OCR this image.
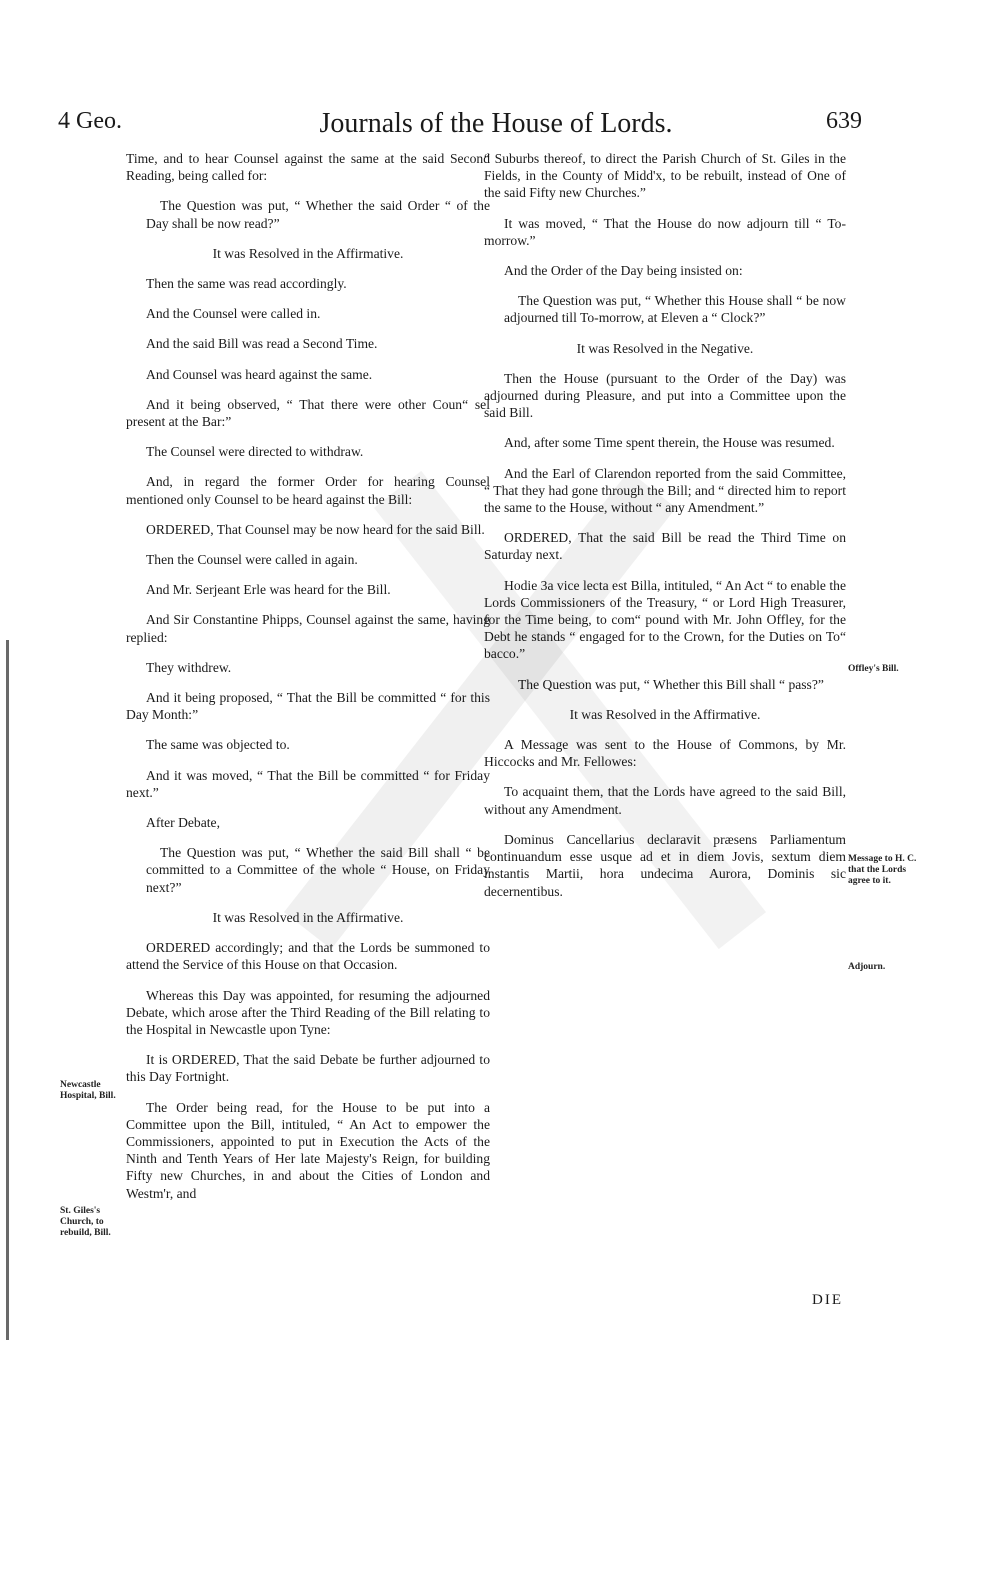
4 Geo.	Journals of the House of Lords.	639

Time, and to hear Counsel against the same at the said Second Reading, being called for:

The Question was put, “ Whether the said Order “ of the Day shall be now read?”

It was Resolved in the Affirmative.

Then the same was read accordingly.

And the Counsel were called in.

And the said Bill was read a Second Time.

And Counsel was heard against the same.

And it being observed, “ That there were other Coun“ sel present at the Bar:”

The Counsel were directed to withdraw.

And, in regard the former Order for hearing Counsel mentioned only Counsel to be heard against the Bill:

ORDERED, That Counsel may be now heard for the said Bill.

Then the Counsel were called in again.

And Mr. Serjeant Erle was heard for the Bill.

And Sir Constantine Phipps, Counsel against the same, having replied:

They withdrew.

And it being proposed, “ That the Bill be committed “ for this Day Month:”

The same was objected to.

And it was moved, “ That the Bill be committed “ for Friday next.”

After Debate,

The Question was put, “ Whether the said Bill shall “ be committed to a Committee of the whole “ House, on Friday next?”

It was Resolved in the Affirmative.

ORDERED accordingly; and that the Lords be summoned to attend the Service of this House on that Occasion.

Whereas this Day was appointed, for resuming the adjourned Debate, which arose after the Third Reading of the Bill relating to the Hospital in Newcastle upon Tyne:

It is ORDERED, That the said Debate be further adjourned to this Day Fortnight.

The Order being read, for the House to be put into a Committee upon the Bill, intituled, “ An Act to empower the Commissioners, appointed to put in Execution the Acts of the Ninth and Tenth Years of Her late Majesty's Reign, for building Fifty new Churches, in and about the Cities of London and Westm'r, and

“ Suburbs thereof, to direct the Parish Church of St. Giles in the Fields, in the County of Midd'x, to be rebuilt, instead of One of the said Fifty new Churches.”

It was moved, “ That the House do now adjourn till “ To-morrow.”

And the Order of the Day being insisted on:

The Question was put, “ Whether this House shall “ be now adjourned till To-morrow, at Eleven a “ Clock?”

It was Resolved in the Negative.

Then the House (pursuant to the Order of the Day) was adjourned during Pleasure, and put into a Committee upon the said Bill.

And, after some Time spent therein, the House was resumed.

And the Earl of Clarendon reported from the said Committee, “ That they had gone through the Bill; and “ directed him to report the same to the House, without “ any Amendment.”

ORDERED, That the said Bill be read the Third Time on Saturday next.

Hodie 3a vice lecta est Billa, intituled, “ An Act “ to enable the Lords Commissioners of the Treasury, “ or Lord High Treasurer, for the Time being, to com“ pound with Mr. John Offley, for the Debt he stands “ engaged for to the Crown, for the Duties on To“ bacco.”

The Question was put, “ Whether this Bill shall “ pass?”

It was Resolved in the Affirmative.

A Message was sent to the House of Commons, by Mr. Hiccocks and Mr. Fellowes:

To acquaint them, that the Lords have agreed to the said Bill, without any Amendment.

Dominus Cancellarius declaravit præsens Parliamentum continuandum esse usque ad et in diem Jovis, sextum diem instantis Martii, hora undecima Aurora, Dominis sic decernentibus.

Newcastle Hospital, Bill.
St. Giles's Church, to rebuild, Bill.
Offley's Bill.
Message to H. C. that the Lords agree to it.
Adjourn.
DIE
